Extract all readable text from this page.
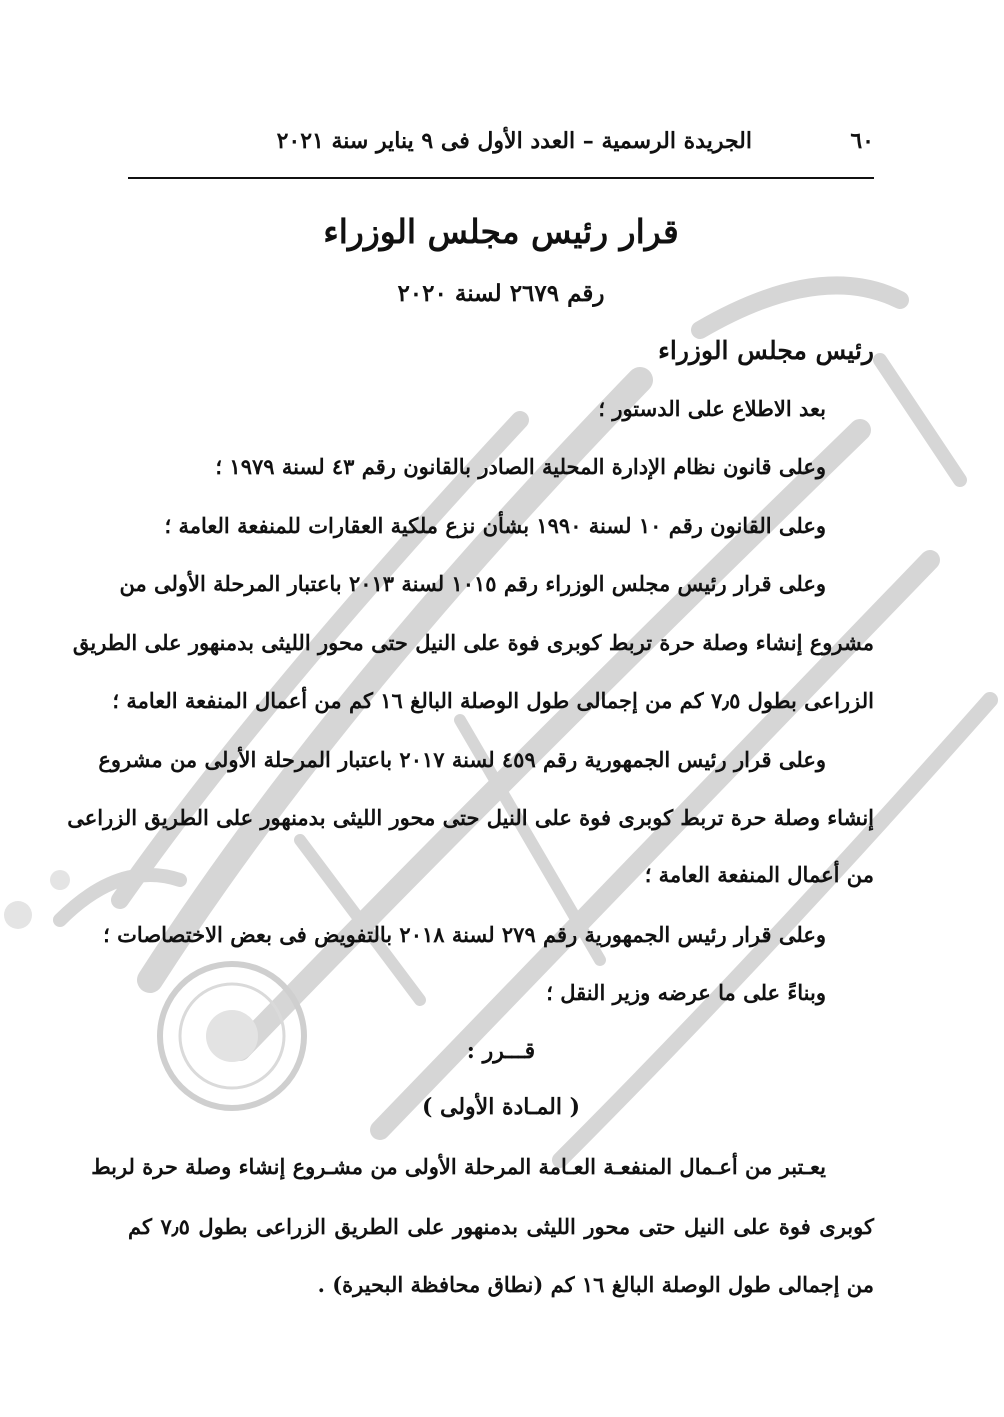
٦٠
الجريدة الرسمية – العدد الأول فى ٩ يناير سنة ٢٠٢١
قرار رئيس مجلس الوزراء
رقم ٢٦٧٩ لسنة ٢٠٢٠
رئيس مجلس الوزراء
بعد الاطلاع على الدستور ؛
وعلى قانون نظام الإدارة المحلية الصادر بالقانون رقم ٤٣ لسنة ١٩٧٩ ؛
وعلى القانون رقم ١٠ لسنة ١٩٩٠ بشأن نزع ملكية العقارات للمنفعة العامة ؛
وعلى قرار رئيس مجلس الوزراء رقم ١٠١٥ لسنة ٢٠١٣ باعتبار المرحلة الأولى من
مشروع إنشاء وصلة حرة تربط كوبرى فوة على النيل حتى محور الليثى بدمنهور على الطريق
الزراعى بطول ٧٫٥ كم من إجمالى طول الوصلة البالغ ١٦ كم من أعمال المنفعة العامة ؛
وعلى قرار رئيس الجمهورية رقم ٤٥٩ لسنة ٢٠١٧ باعتبار المرحلة الأولى من مشروع
إنشاء وصلة حرة تربط كوبرى فوة على النيل حتى محور الليثى بدمنهور على الطريق الزراعى
من أعمال المنفعة العامة ؛
وعلى قرار رئيس الجمهورية رقم ٢٧٩ لسنة ٢٠١٨ بالتفويض فى بعض الاختصاصات ؛
وبناءً على ما عرضه وزير النقل ؛
قـــرر :
( المـادة الأولى )
يعـتبر من أعـمال المنفعـة العـامة المرحلة الأولى من مشـروع إنشاء وصلة حرة لربط
كوبرى فوة على النيل حتى محور الليثى بدمنهور على الطريق الزراعى بطول ٧٫٥ كم
من إجمالى طول الوصلة البالغ ١٦ كم (نطاق محافظة البحيرة) .
